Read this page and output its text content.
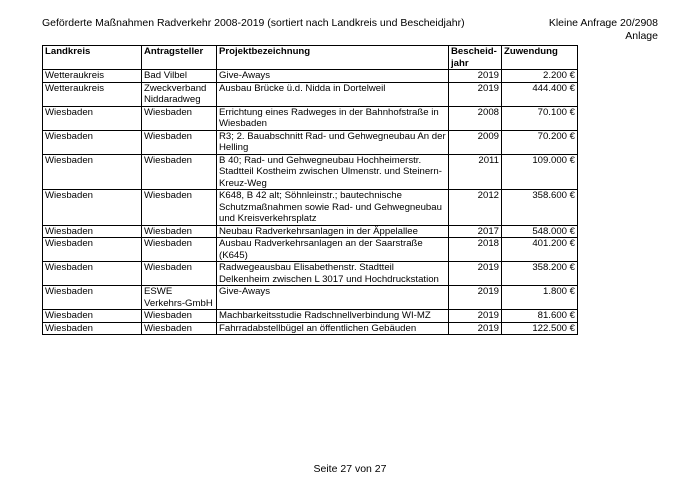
Geförderte Maßnahmen Radverkehr 2008-2019 (sortiert nach Landkreis und Bescheidjahr)	Kleine Anfrage 20/2908
Anlage
Landkreis	Antragsteller	Projektbezeichnung	Bescheid-jahr	Zuwendung
Wetteraukreis	Bad Vilbel	Give-Aways	2019	2.200 €
Wetteraukreis	Zweckverband Niddaradweg	Ausbau Brücke ü.d. Nidda in Dortelweil	2019	444.400 €
Wiesbaden	Wiesbaden	Errichtung eines Radweges in der Bahnhofstraße in Wiesbaden	2008	70.100 €
Wiesbaden	Wiesbaden	R3; 2. Bauabschnitt Rad- und Gehwegneubau An der Helling	2009	70.200 €
Wiesbaden	Wiesbaden	B 40; Rad- und Gehwegneubau Hochheimerstr. Stadtteil Kostheim zwischen Ulmenstr. und Steinern-Kreuz-Weg	2011	109.000 €
Wiesbaden	Wiesbaden	K648, B 42 alt; Söhnleinstr.; bautechnische Schutzmaßnahmen sowie Rad- und Gehwegneubau und Kreisverkehrsplatz	2012	358.600 €
Wiesbaden	Wiesbaden	Neubau Radverkehrsanlagen in der Äppelallee	2017	548.000 €
Wiesbaden	Wiesbaden	Ausbau Radverkehrsanlagen an der Saarstraße (K645)	2018	401.200 €
Wiesbaden	Wiesbaden	Radwegeausbau Elisabethenstr. Stadtteil Delkenheim zwischen L 3017 und Hochdruckstation	2019	358.200 €
Wiesbaden	ESWE Verkehrs-GmbH	Give-Aways	2019	1.800 €
Wiesbaden	Wiesbaden	Machbarkeitsstudie Radschnellverbindung WI-MZ	2019	81.600 €
Wiesbaden	Wiesbaden	Fahrradabstellbügel an öffentlichen Gebäuden	2019	122.500 €
Seite 27 von 27
